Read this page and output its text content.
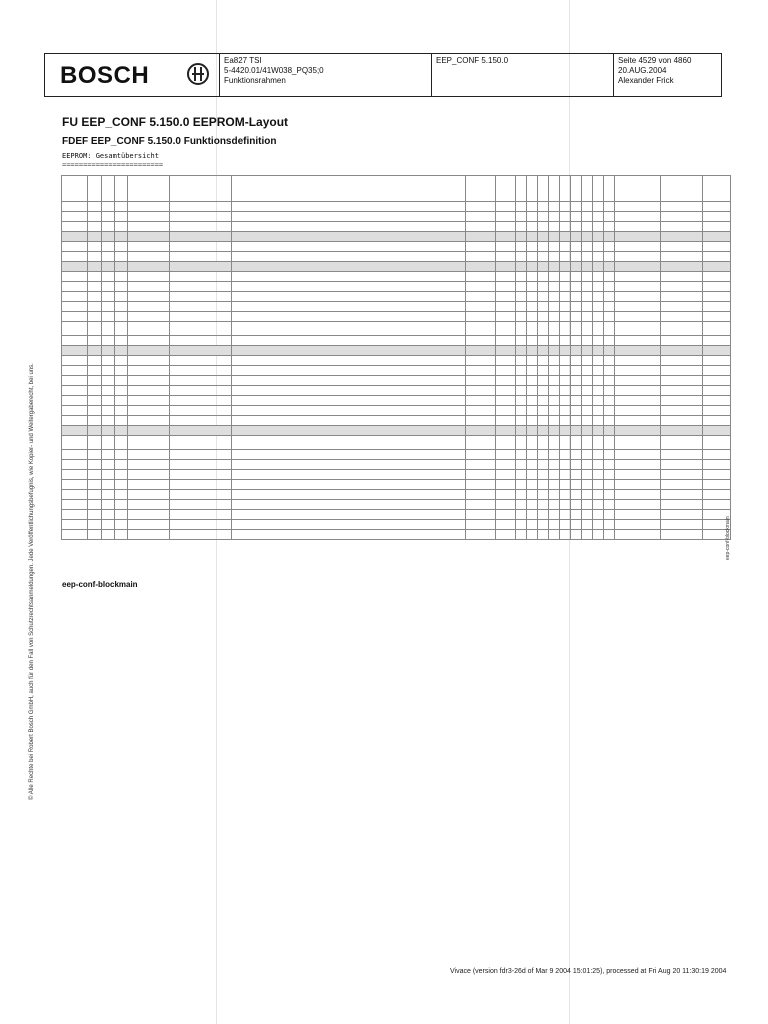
BOSCH
Ea827 TSI
5-4420.01/41W038_PQ35;0
Funktionsrahmen
EEP_CONF 5.150.0	Seite 4529 von 4860
20.AUG.2004
Alexander Frick
FU EEP_CONF 5.150.0 EEPROM-Layout
FDEF EEP_CONF 5.150.0 Funktionsdefinition
EEPROM: Gesamtübersicht
========================

eep-conf-blockmain
eep-conf-blockmain
© Alle Rechte bei Robert Bosch GmbH, auch für den Fall von Schutzrechtsanmeldungen. Jede Veröffentlichungsbefugnis, wie Kopier- und Weitergaberecht, bei uns.
Vivace (version fdr3-26d of Mar 9 2004 15:01:25), processed at Fri Aug 20 11:30:19 2004
